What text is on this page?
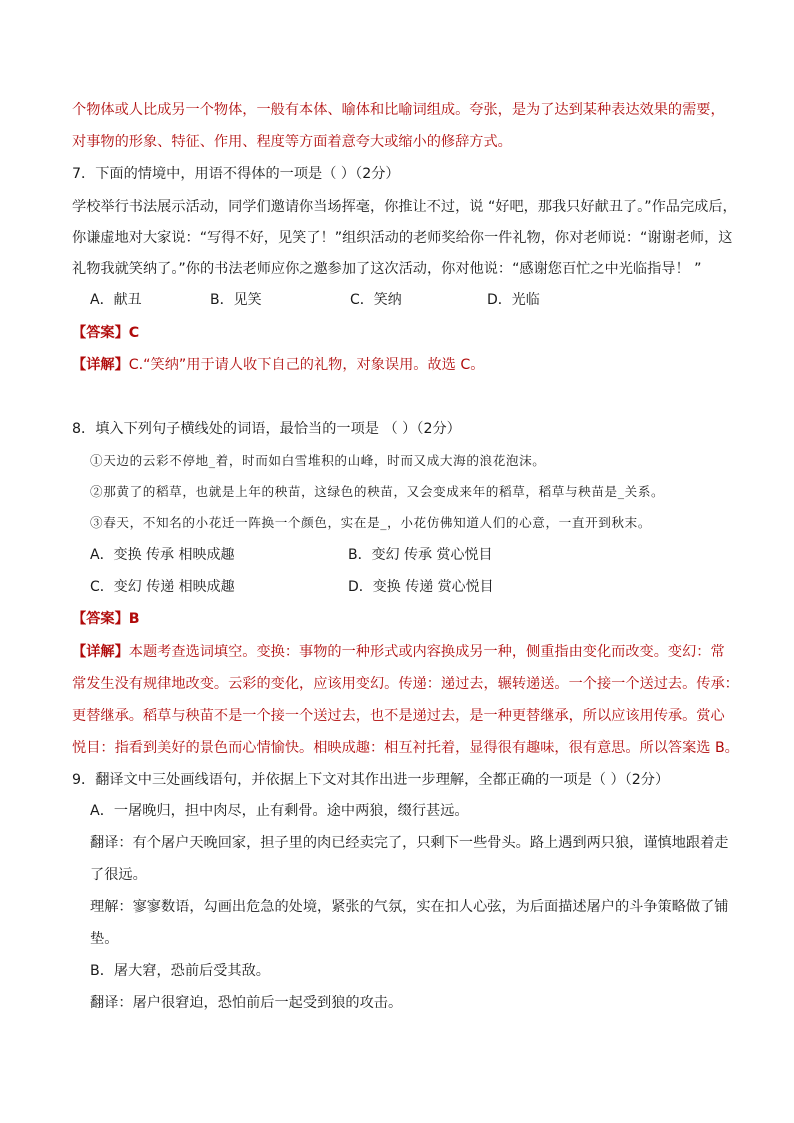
个物体或人比成另一个物体，一般有本体、喻体和比喻词组成。夸张，是为了达到某种表达效果的需要，
对事物的形象、特征、作用、程度等方面着意夸大或缩小的修辞方式。
7．下面的情境中，用语不得体的一项是（ ）（2分）
学校举行书法展示活动，同学们邀请你当场挥毫，你推让不过，说 “好吧，那我只好献丑了。”作品完成后，
你谦虚地对大家说：“写得不好，见笑了！”组织活动的老师奖给你一件礼物，你对老师说：“谢谢老师，这
礼物我就笑纳了。”你的书法老师应你之邀参加了这次活动，你对他说：“感谢您百忙之中光临指导！ ”
A．献丑	B．见笑	C．笑纳	D．光临
【答案】C
【详解】C.“笑纳”用于请人收下自己的礼物，对象误用。故选 C。
8．填入下列句子横线处的词语，最恰当的一项是 （ ）（2分）
①天边的云彩不停地_着，时而如白雪堆积的山峰，时而又成大海的浪花泡沫。
②那黄了的稻草，也就是上年的秧苗，这绿色的秧苗，又会变成来年的稻草，稻草与秧苗是_关系。
③春天，不知名的小花迁一阵换一个颜色，实在是_，小花仿佛知道人们的心意，一直开到秋末。
A．变换 传承 相映成趣	B．变幻 传承 赏心悦目
C．变幻 传递 相映成趣	D．变换 传递 赏心悦目
【答案】B
【详解】本题考查选词填空。变换：事物的一种形式或内容换成另一种，侧重指由变化而改变。变幻：常
常发生没有规律地改变。云彩的变化，应该用变幻。传递：递过去，辗转递送。一个接一个送过去。传承：
更替继承。稻草与秧苗不是一个接一个送过去，也不是递过去，是一种更替继承，所以应该用传承。赏心
悦目：指看到美好的景色而心情愉快。相映成趣：相互衬托着，显得很有趣味，很有意思。所以答案选 B。
9．翻译文中三处画线语句，并依据上下文对其作出进一步理解，全都正确的一项是（ ）（2分）
A．一屠晚归，担中肉尽，止有剩骨。途中两狼，缀行甚远。
翻译：有个屠户天晚回家，担子里的肉已经卖完了，只剩下一些骨头。路上遇到两只狼，谨慎地跟着走
了很远。
理解：寥寥数语，勾画出危急的处境，紧张的气氛，实在扣人心弦，为后面描述屠户的斗争策略做了铺
垫。
B．屠大窘，恐前后受其敌。
翻译：屠户很窘迫，恐怕前后一起受到狼的攻击。
